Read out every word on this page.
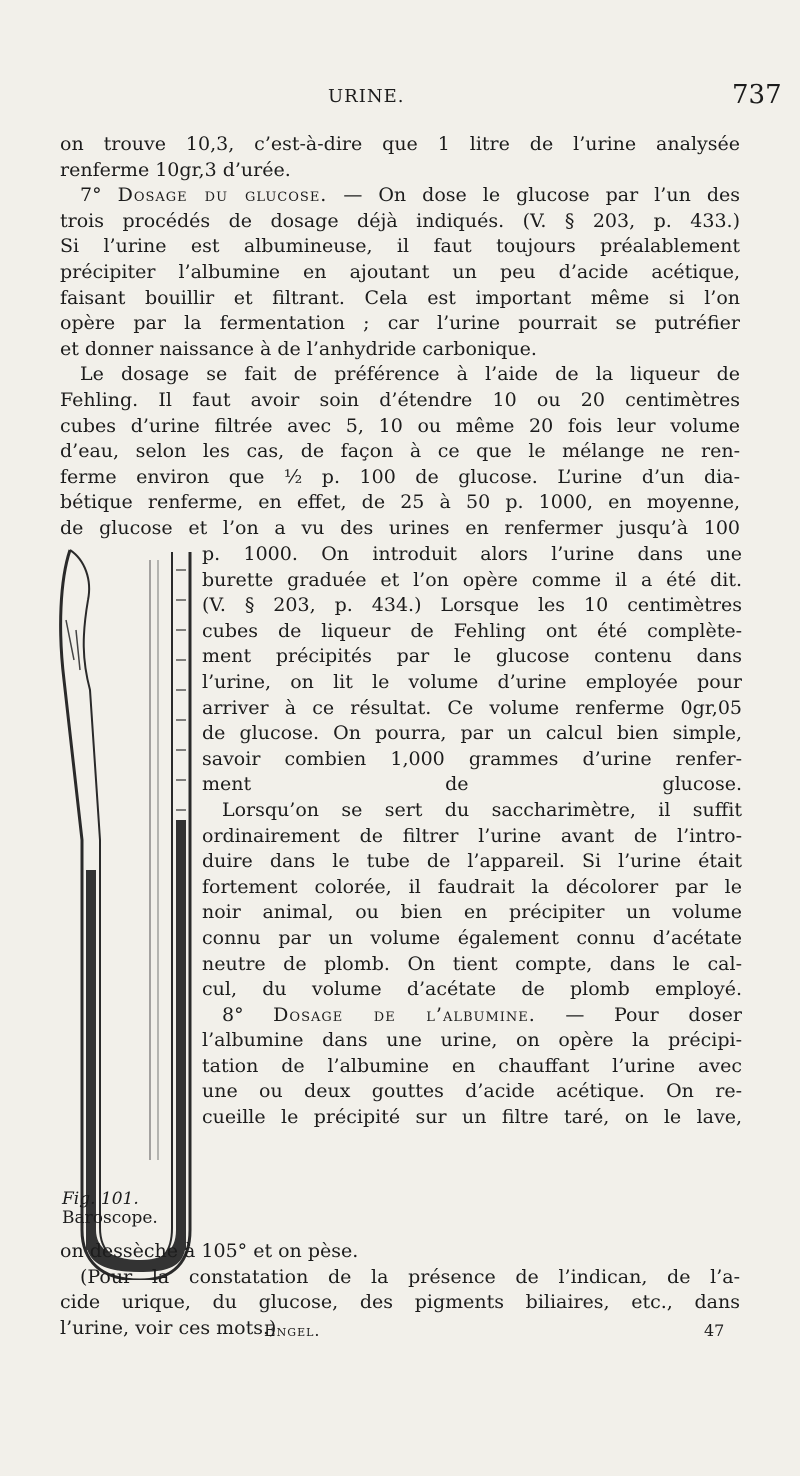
URINE.	737
on trouve 10,3, c’est-à-dire que 1 litre de l’urine analysée
renferme 10gr,3 d’urée.
7° Dosage du glucose. — On dose le glucose par l’un des
trois procédés de dosage déjà indiqués. (V. § 203, p. 433.)
Si l’urine est albumineuse, il faut toujours préalablement
précipiter l’albumine en ajoutant un peu d’acide acétique,
faisant bouillir et filtrant. Cela est important même si l’on
opère par la fermentation ; car l’urine pourrait se putréfier
et donner naissance à de l’anhydride carbonique.
Le dosage se fait de préférence à l’aide de la liqueur de
Fehling. Il faut avoir soin d’étendre 10 ou 20 centimètres
cubes d’urine filtrée avec 5, 10 ou même 20 fois leur volume
d’eau, selon les cas, de façon à ce que le mélange ne ren-
ferme environ que ½ p. 100 de glucose. L’urine d’un dia-
bétique renferme, en effet, de 25 à 50 p. 1000, en moyenne,
de glucose et l’on a vu des urines en renfermer jusqu’à 100
p. 1000. On introduit alors l’urine dans une
burette graduée et l’on opère comme il a été dit.
(V. § 203, p. 434.) Lorsque les 10 centimètres
cubes de liqueur de Fehling ont été complète-
ment précipités par le glucose contenu dans
l’urine, on lit le volume d’urine employée pour
arriver à ce résultat. Ce volume renferme 0gr,05
de glucose. On pourra, par un calcul bien simple,
savoir combien 1,000 grammes d’urine renfer-
ment de glucose.
Lorsqu’on se sert du saccharimètre, il suffit
ordinairement de filtrer l’urine avant de l’intro-
duire dans le tube de l’appareil. Si l’urine était
fortement colorée, il faudrait la décolorer par le
noir animal, ou bien en précipiter un volume
connu par un volume également connu d’acétate
neutre de plomb. On tient compte, dans le cal-
cul, du volume d’acétate de plomb employé.
8° Dosage de l’albumine. — Pour doser
l’albumine dans une urine, on opère la précipi-
tation de l’albumine en chauffant l’urine avec
une ou deux gouttes d’acide acétique. On re-
cueille le précipité sur un filtre taré, on le lave,
Fig. 101.
Baroscope.
on dessèche à 105° et on pèse.
(Pour la constatation de la présence de l’indican, de l’a-
cide urique, du glucose, des pigments biliaires, etc., dans
l’urine, voir ces mots.)
Engel.	47
